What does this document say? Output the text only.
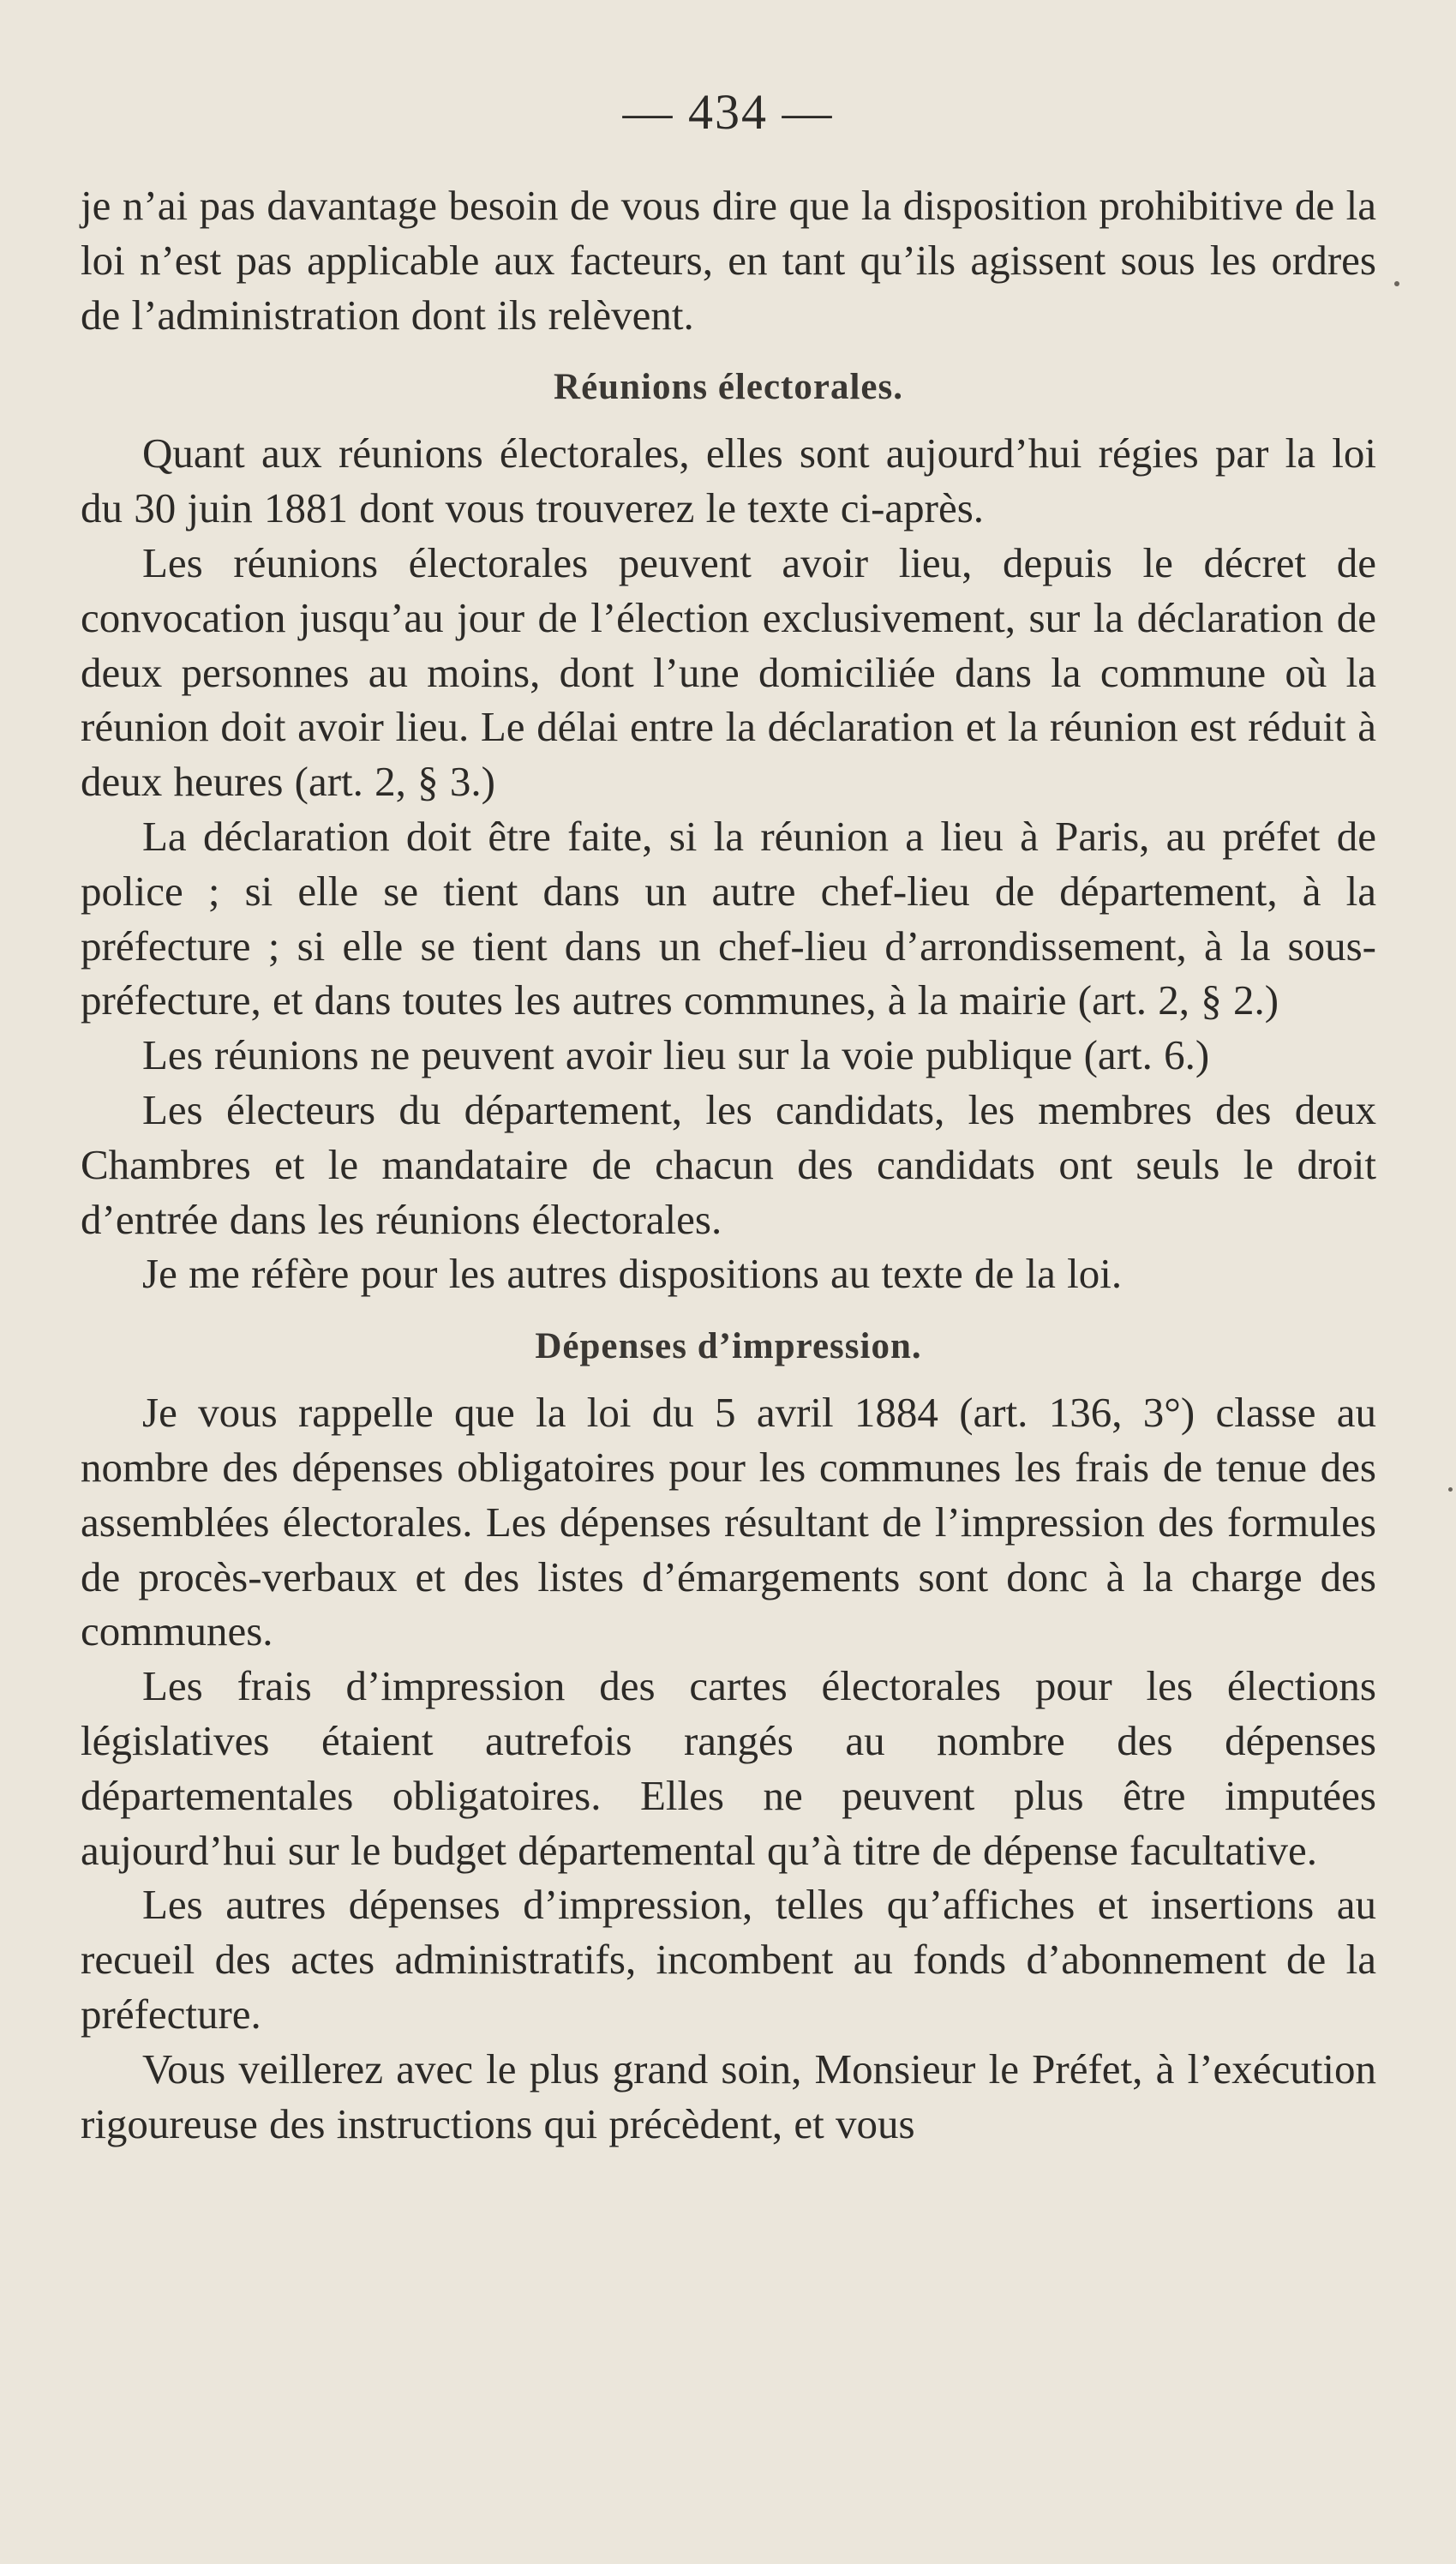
— 434 —

je n’ai pas davantage besoin de vous dire que la disposition prohibitive de la loi n’est pas applicable aux facteurs, en tant qu’ils agissent sous les ordres de l’administration dont ils relèvent.

Réunions électorales.

Quant aux réunions électorales, elles sont aujourd’hui régies par la loi du 30 juin 1881 dont vous trouverez le texte ci-après.

Les réunions électorales peuvent avoir lieu, depuis le décret de convocation jusqu’au jour de l’élection exclusivement, sur la déclaration de deux personnes au moins, dont l’une domiciliée dans la commune où la réunion doit avoir lieu. Le délai entre la déclaration et la réunion est réduit à deux heures (art. 2, § 3.)

La déclaration doit être faite, si la réunion a lieu à Paris, au préfet de police ; si elle se tient dans un autre chef-lieu de département, à la préfecture ; si elle se tient dans un chef-lieu d’arrondissement, à la sous-préfecture, et dans toutes les autres communes, à la mairie (art. 2, § 2.)

Les réunions ne peuvent avoir lieu sur la voie publique (art. 6.)

Les électeurs du département, les candidats, les membres des deux Chambres et le mandataire de chacun des candidats ont seuls le droit d’entrée dans les réunions électorales.

Je me réfère pour les autres dispositions au texte de la loi.

Dépenses d’impression.

Je vous rappelle que la loi du 5 avril 1884 (art. 136, 3°) classe au nombre des dépenses obligatoires pour les communes les frais de tenue des assemblées électorales. Les dépenses résultant de l’impression des formules de procès-verbaux et des listes d’émargements sont donc à la charge des communes.

Les frais d’impression des cartes électorales pour les élections législatives étaient autrefois rangés au nombre des dépenses départementales obligatoires. Elles ne peuvent plus être imputées aujourd’hui sur le budget départemental qu’à titre de dépense facultative.

Les autres dépenses d’impression, telles qu’affiches et insertions au recueil des actes administratifs, incombent au fonds d’abonnement de la préfecture.

Vous veillerez avec le plus grand soin, Monsieur le Préfet, à l’exécution rigoureuse des instructions qui précèdent, et vous
